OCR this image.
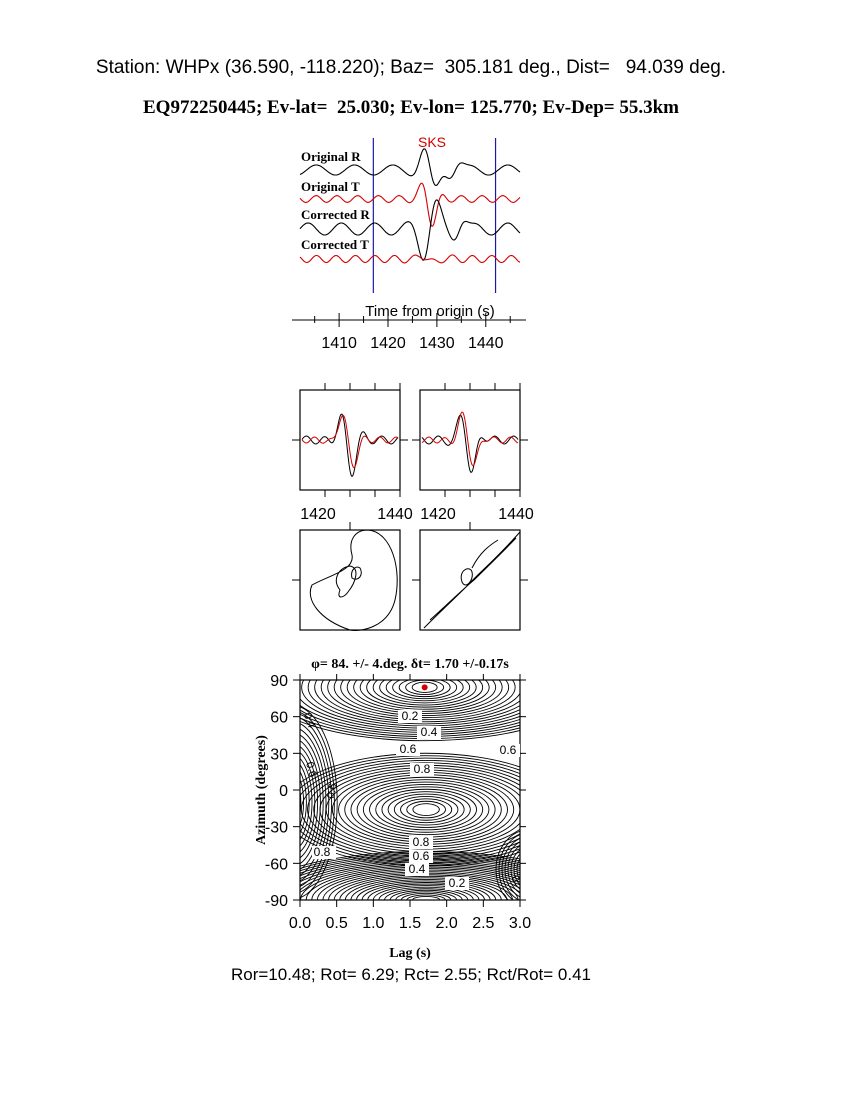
Station: WHPx (36.590, -118.220); Baz=  305.181 deg., Dist=   94.039 deg.
EQ972250445; Ev-lat=  25.030; Ev-lon= 125.770; Ev-Dep= 55.3km
SKS
Original R
Original T
Corrected R
Corrected T
Time from origin (s)
1410 1420 1430 1440
1420	1440 1420	1440
φ= 84. +/- 4.deg. δt= 1.70 +/-0.17s
0.0 0.5 1.0 1.5 2.0 2.5 3.0
90
60
30
0
-30
-60
-90
0.4
0.6
0.6
0.2
0.4
0.6	0.6
0.8
0.8
0.6
0.4
0.2
0.8
0.
Lag (s)
Azimuth (degrees)
Ror=10.48; Rot= 6.29; Rct= 2.55; Rct/Rot= 0.41
